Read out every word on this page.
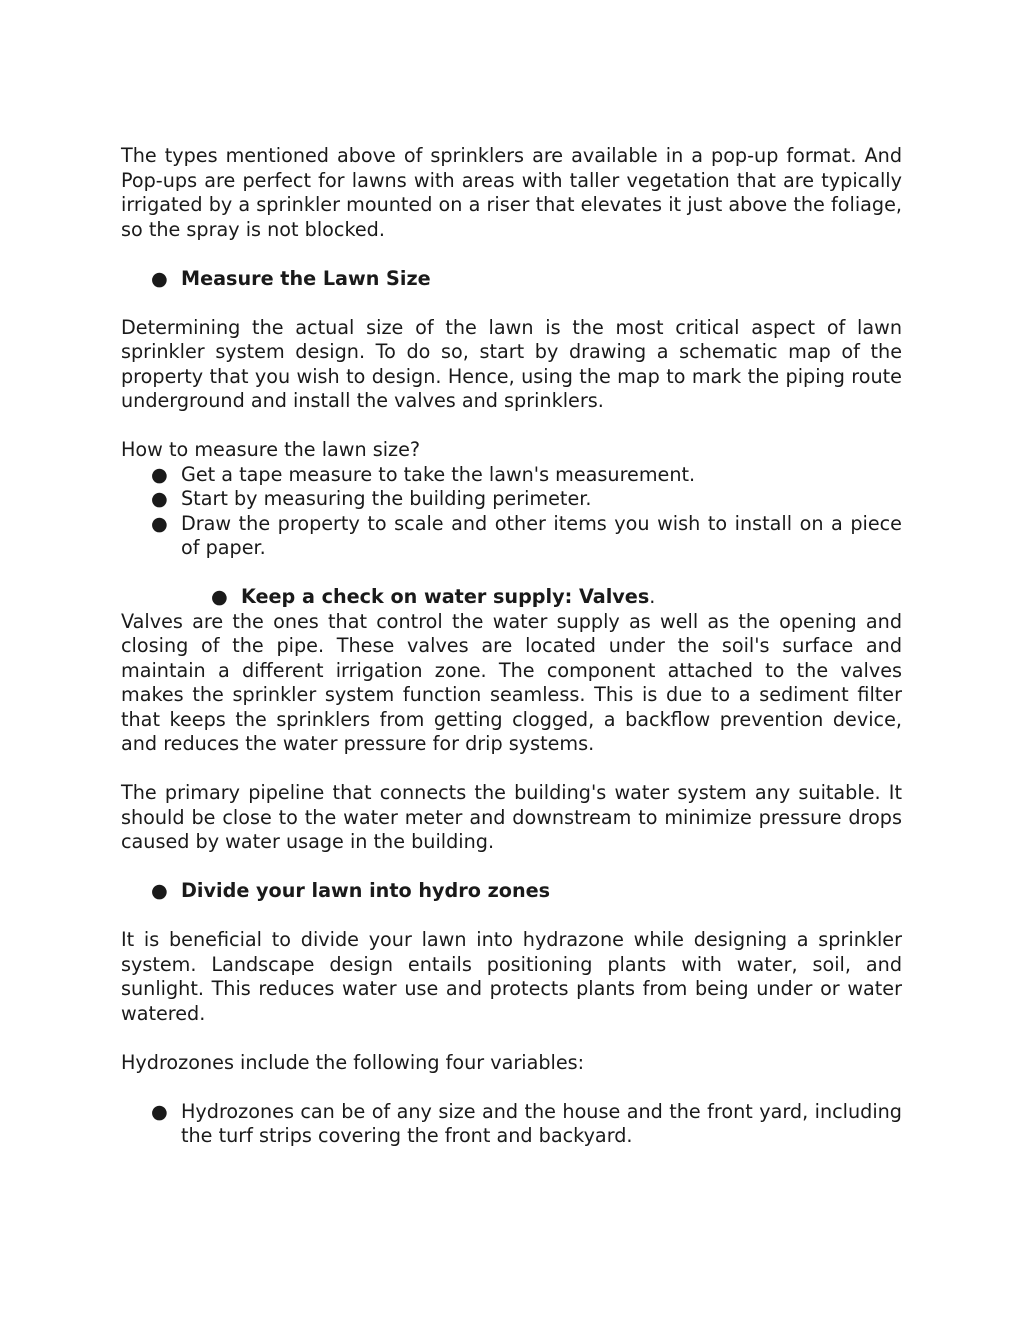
The types mentioned above of sprinklers are available in a pop-up format. And Pop-ups are perfect for lawns with areas with taller vegetation that are typically irrigated by a sprinkler mounted on a riser that elevates it just above the foliage, so the spray is not blocked.

● Measure the Lawn Size

Determining the actual size of the lawn is the most critical aspect of lawn sprinkler system design. To do so, start by drawing a schematic map of the property that you wish to design. Hence, using the map to mark the piping route underground and install the valves and sprinklers.

How to measure the lawn size?

● Get a tape measure to take the lawn's measurement.
● Start by measuring the building perimeter.
● Draw the property to scale and other items you wish to install on a piece of paper.
● Keep a check on water supply: Valves.

Valves are the ones that control the water supply as well as the opening and closing of the pipe. These valves are located under the soil's surface and maintain a different irrigation zone. The component attached to the valves makes the sprinkler system function seamless. This is due to a sediment filter that keeps the sprinklers from getting clogged, a backflow prevention device, and reduces the water pressure for drip systems.

The primary pipeline that connects the building's water system any suitable. It should be close to the water meter and downstream to minimize pressure drops caused by water usage in the building.

● Divide your lawn into hydro zones

It is beneficial to divide your lawn into hydrazone while designing a sprinkler system. Landscape design entails positioning plants with water, soil, and sunlight. This reduces water use and protects plants from being under or water watered.

Hydrozones include the following four variables:

● Hydrozones can be of any size and the house and the front yard, including the turf strips covering the front and backyard.
